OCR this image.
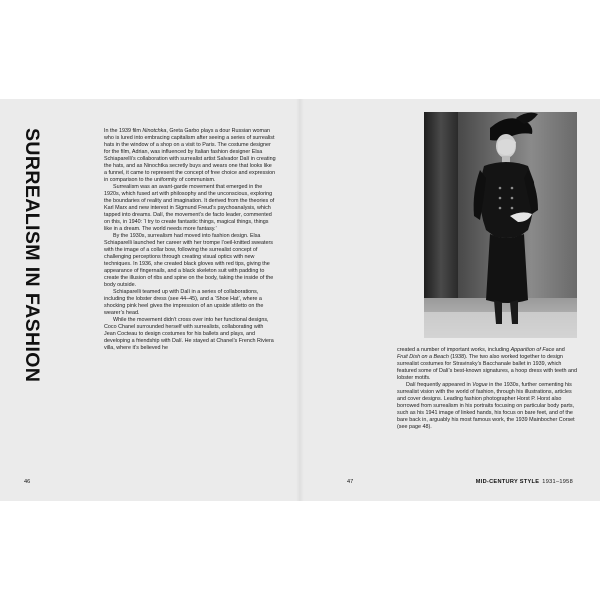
SURREALISM IN FASHION	In the 1939 film Ninotchka, Greta Garbo plays a dour Russian woman who is lured into embracing capitalism after seeing a series of surrealist hats in the window of a shop on a visit to Paris. The costume designer for the film, Adrian, was influenced by Italian fashion designer Elsa Schiaparelli’s collaboration with surrealist artist Salvador Dalí in creating the hats, and as Ninochtka secretly buys and wears one that looks like a funnel, it came to represent the concept of free choice and expression in comparison to the uniformity of communism.

Surrealism was an avant-garde movement that emerged in the 1920s, which fused art with philosophy and the unconscious, exploring the boundaries of reality and imagination. It derived from the theories of Karl Marx and new interest in Sigmund Freud’s psychoanalysis, which tapped into dreams. Dalí, the movement’s de facto leader, commented on this, in 1940: ‘I try to create fantastic things, magical things, things like in a dream. The world needs more fantasy.’

By the 1930s, surrealism had moved into fashion design. Elsa Schiaparelli launched her career with her trompe l’oeil-knitted sweaters with the image of a collar bow, following the surrealist concept of challenging perceptions through creating visual optics with new techniques. In 1936, she created black gloves with red tips, giving the appearance of fingernails, and a black skeleton suit with padding to create the illusion of ribs and spine on the body, taking the inside of the body outside.

Schiaparelli teamed up with Dalí in a series of collaborations, including the lobster dress (see 44–45), and a ‘Shoe Hat’, where a shocking pink heel gives the impression of an upside stiletto on the wearer’s head.

While the movement didn’t cross over into her functional designs, Coco Chanel surrounded herself with surrealists, collaborating with Jean Cocteau to design costumes for his ballets and plays, and developing a friendship with Dalí. He stayed at Chanel’s French Riviera villa, where it’s believed he	created a number of important works, including Apparition of Face and Fruit Dish on a Beach (1938). The two also worked together to design surrealist costumes for Stravinsky’s Bacchanale ballet in 1939, which featured some of Dalí’s best-known signatures, a hoop dress with teeth and lobster motifs.

Dalí frequently appeared in Vogue in the 1930s, further cementing his surrealist vision with the world of fashion, through his illustrations, articles and cover designs. Leading fashion photographer Horst P. Horst also borrowed from surrealism in his portraits focusing on particular body parts, such as his 1941 image of linked hands, his focus on bare feet, and of the bare back in, arguably his most famous work, the 1939 Mainbocher Corset (see page 48).

46	47	MID-CENTURY STYLE 1931–1958
